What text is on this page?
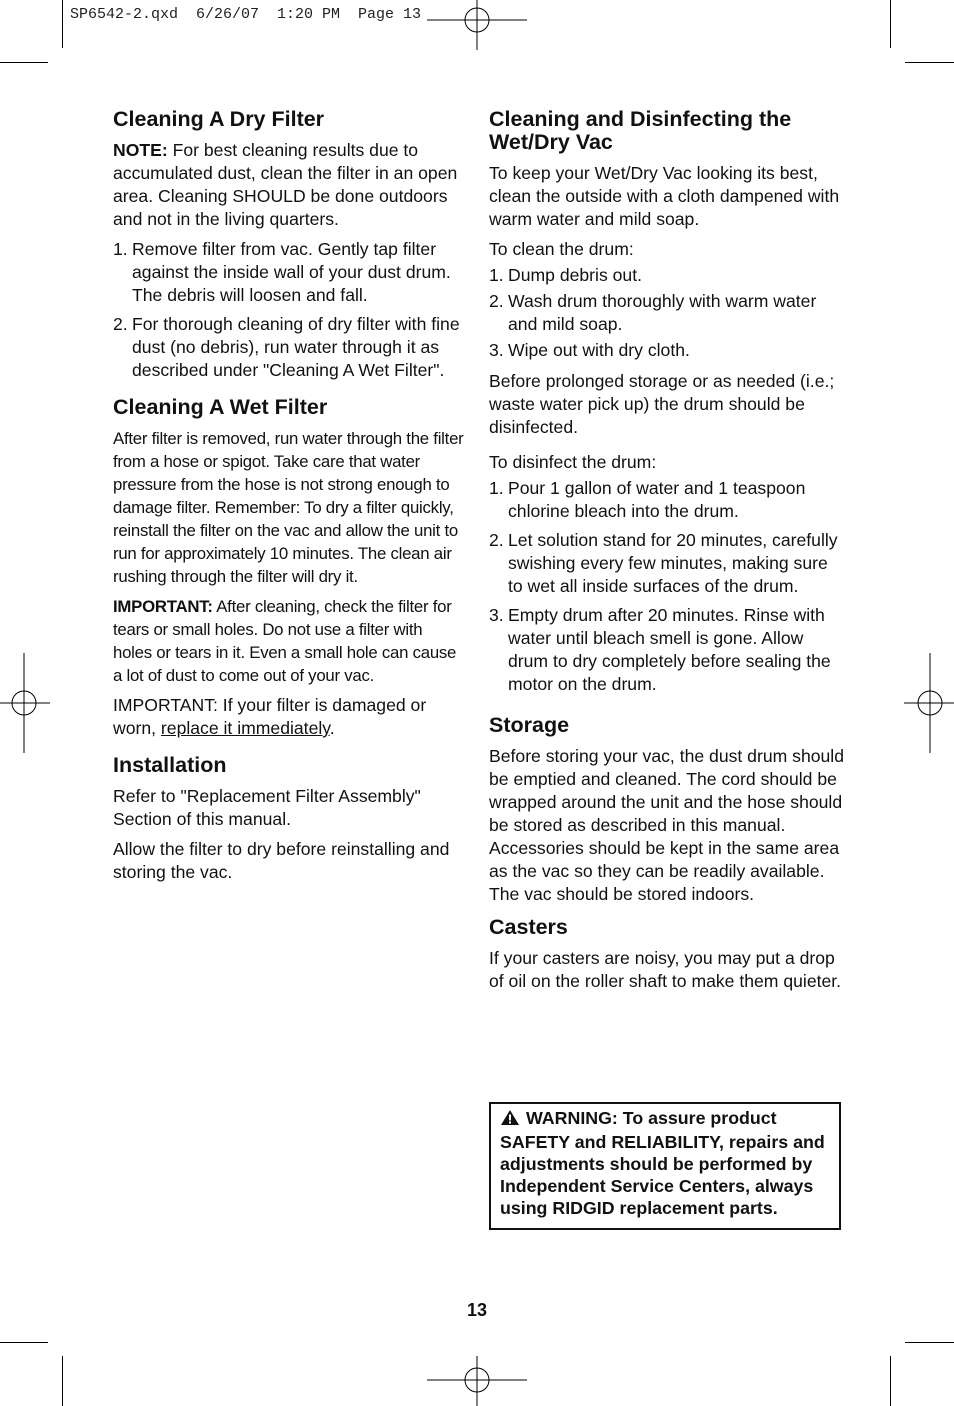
SP6542-2.qxd  6/26/07  1:20 PM  Page 13
Cleaning A Dry Filter

NOTE: For best cleaning results due to accumulated dust, clean the filter in an open area. Cleaning SHOULD be done outdoors and not in the living quarters.

1. Remove filter from vac. Gently tap filter against the inside wall of your dust drum. The debris will loosen and fall.
2. For thorough cleaning of dry filter with fine dust (no debris), run water through it as described under "Cleaning A Wet Filter".
Cleaning A Wet Filter

After filter is removed, run water through the filter from a hose or spigot. Take care that water pressure from the hose is not strong enough to damage filter. Remember: To dry a filter quickly, reinstall the filter on the vac and allow the unit to run for approximately 10 minutes. The clean air rushing through the filter will dry it.

IMPORTANT: After cleaning, check the filter for tears or small holes. Do not use a filter with holes or tears in it. Even a small hole can cause a lot of dust to come out of your vac.

IMPORTANT: If your filter is damaged or worn, replace it immediately.

Installation

Refer to "Replacement Filter Assembly" Section of this manual.

Allow the filter to dry before reinstalling and storing the vac.

Cleaning and Disinfecting the Wet/Dry Vac

To keep your Wet/Dry Vac looking its best, clean the outside with a cloth dampened with warm water and mild soap.

To clean the drum:

1. Dump debris out.
2. Wash drum thoroughly with warm water and mild soap.
3. Wipe out with dry cloth.

Before prolonged storage or as needed (i.e.; waste water pick up) the drum should be disinfected.

To disinfect the drum:

1. Pour 1 gallon of water and 1 teaspoon chlorine bleach into the drum.
2. Let solution stand for 20 minutes, carefully swishing every few minutes, making sure to wet all inside surfaces of the drum.
3. Empty drum after 20 minutes. Rinse with water until bleach smell is gone. Allow drum to dry completely before sealing the motor on the drum.
Storage

Before storing your vac, the dust drum should be emptied and cleaned. The cord should be wrapped around the unit and the hose should be stored as described in this manual. Accessories should be kept in the same area as the vac so they can be readily available. The vac should be stored indoors.

Casters

If your casters are noisy, you may put a drop of oil on the roller shaft to make them quieter.

WARNING: To assure product SAFETY and RELIABILITY, repairs and adjustments should be performed by Independent Service Centers, always using RIDGID replacement parts.

13
